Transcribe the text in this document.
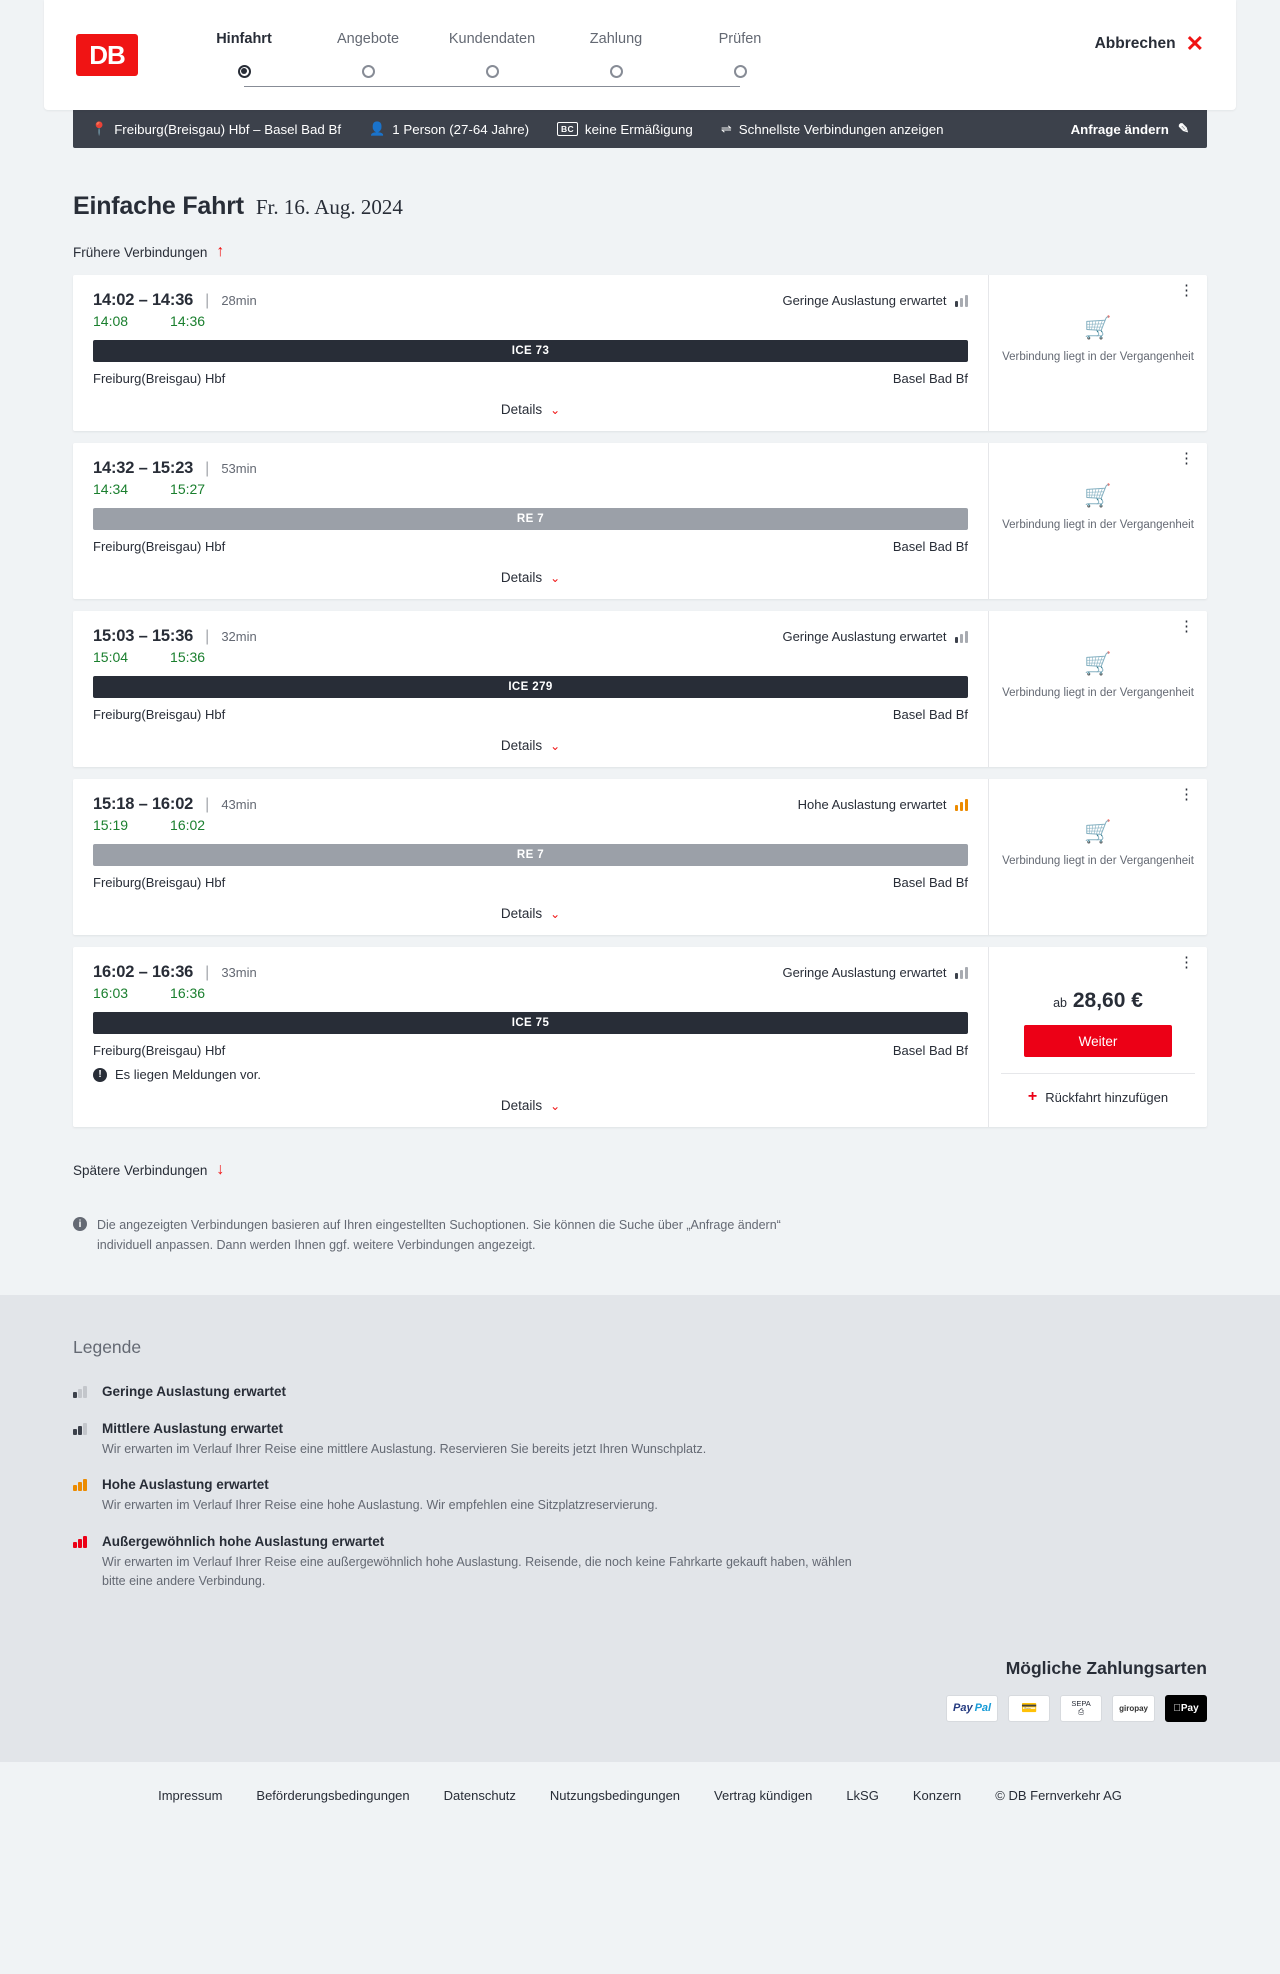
DB
Hinfahrt	Angebote	Kundendaten	Zahlung	Prüfen	Abbrechen ✕
📍 Freiburg(Breisgau) Hbf – Basel Bad Bf 👤 1 Person (27-64 Jahre)	BC keine Ermäßigung ⇌ Schnellste Verbindungen anzeigen	Anfrage ändern ✎
Einfache Fahrt Fr. 16. Aug. 2024
Frühere Verbindungen ↑
14:02 – 14:36 | 28min	Geringe Auslastung erwartet
14:08	14:36
ICE 73
Freiburg(Breisgau) Hbf	Basel Bad Bf
Details ⌄
⋮
🛒
Verbindung liegt in der Vergangenheit
14:32 – 15:23 | 53min
14:34	15:27
RE 7
Freiburg(Breisgau) Hbf	Basel Bad Bf
Details ⌄
⋮
🛒
Verbindung liegt in der Vergangenheit
15:03 – 15:36 | 32min	Geringe Auslastung erwartet
15:04	15:36
ICE 279
Freiburg(Breisgau) Hbf	Basel Bad Bf
Details ⌄
⋮
🛒
Verbindung liegt in der Vergangenheit
15:18 – 16:02 | 43min	Hohe Auslastung erwartet
15:19	16:02
RE 7
Freiburg(Breisgau) Hbf	Basel Bad Bf
Details ⌄
⋮
🛒
Verbindung liegt in der Vergangenheit
16:02 – 16:36 | 33min	Geringe Auslastung erwartet
16:03	16:36
ICE 75
Freiburg(Breisgau) Hbf	Basel Bad Bf
!	Es liegen Meldungen vor.
Details ⌄
⋮
ab 28,60 €
Weiter
+ Rückfahrt hinzufügen
Spätere Verbindungen ↓
i	Die angezeigten Verbindungen basieren auf Ihren eingestellten Suchoptionen. Sie können die Suche über „Anfrage ändern“ individuell anpassen. Dann werden Ihnen ggf. weitere Verbindungen angezeigt.

Legende
Geringe Auslastung erwartet
Mittlere Auslastung erwartet

Wir erwarten im Verlauf Ihrer Reise eine mittlere Auslastung. Reservieren Sie bereits jetzt Ihren Wunschplatz.

Hohe Auslastung erwartet

Wir erwarten im Verlauf Ihrer Reise eine hohe Auslastung. Wir empfehlen eine Sitzplatzreservierung.

Außergewöhnlich hohe Auslastung erwartet

Wir erwarten im Verlauf Ihrer Reise eine außergewöhnlich hohe Auslastung. Reisende, die noch keine Fahrkarte gekauft haben, wählen bitte eine andere Verbindung.

Mögliche Zahlungsarten
Pay Pal	💳	SEPA
⎙	giropay	Pay
Impressum	Beförderungsbedingungen	Datenschutz	Nutzungsbedingungen	Vertrag kündigen	LkSG	Konzern	© DB Fernverkehr AG
